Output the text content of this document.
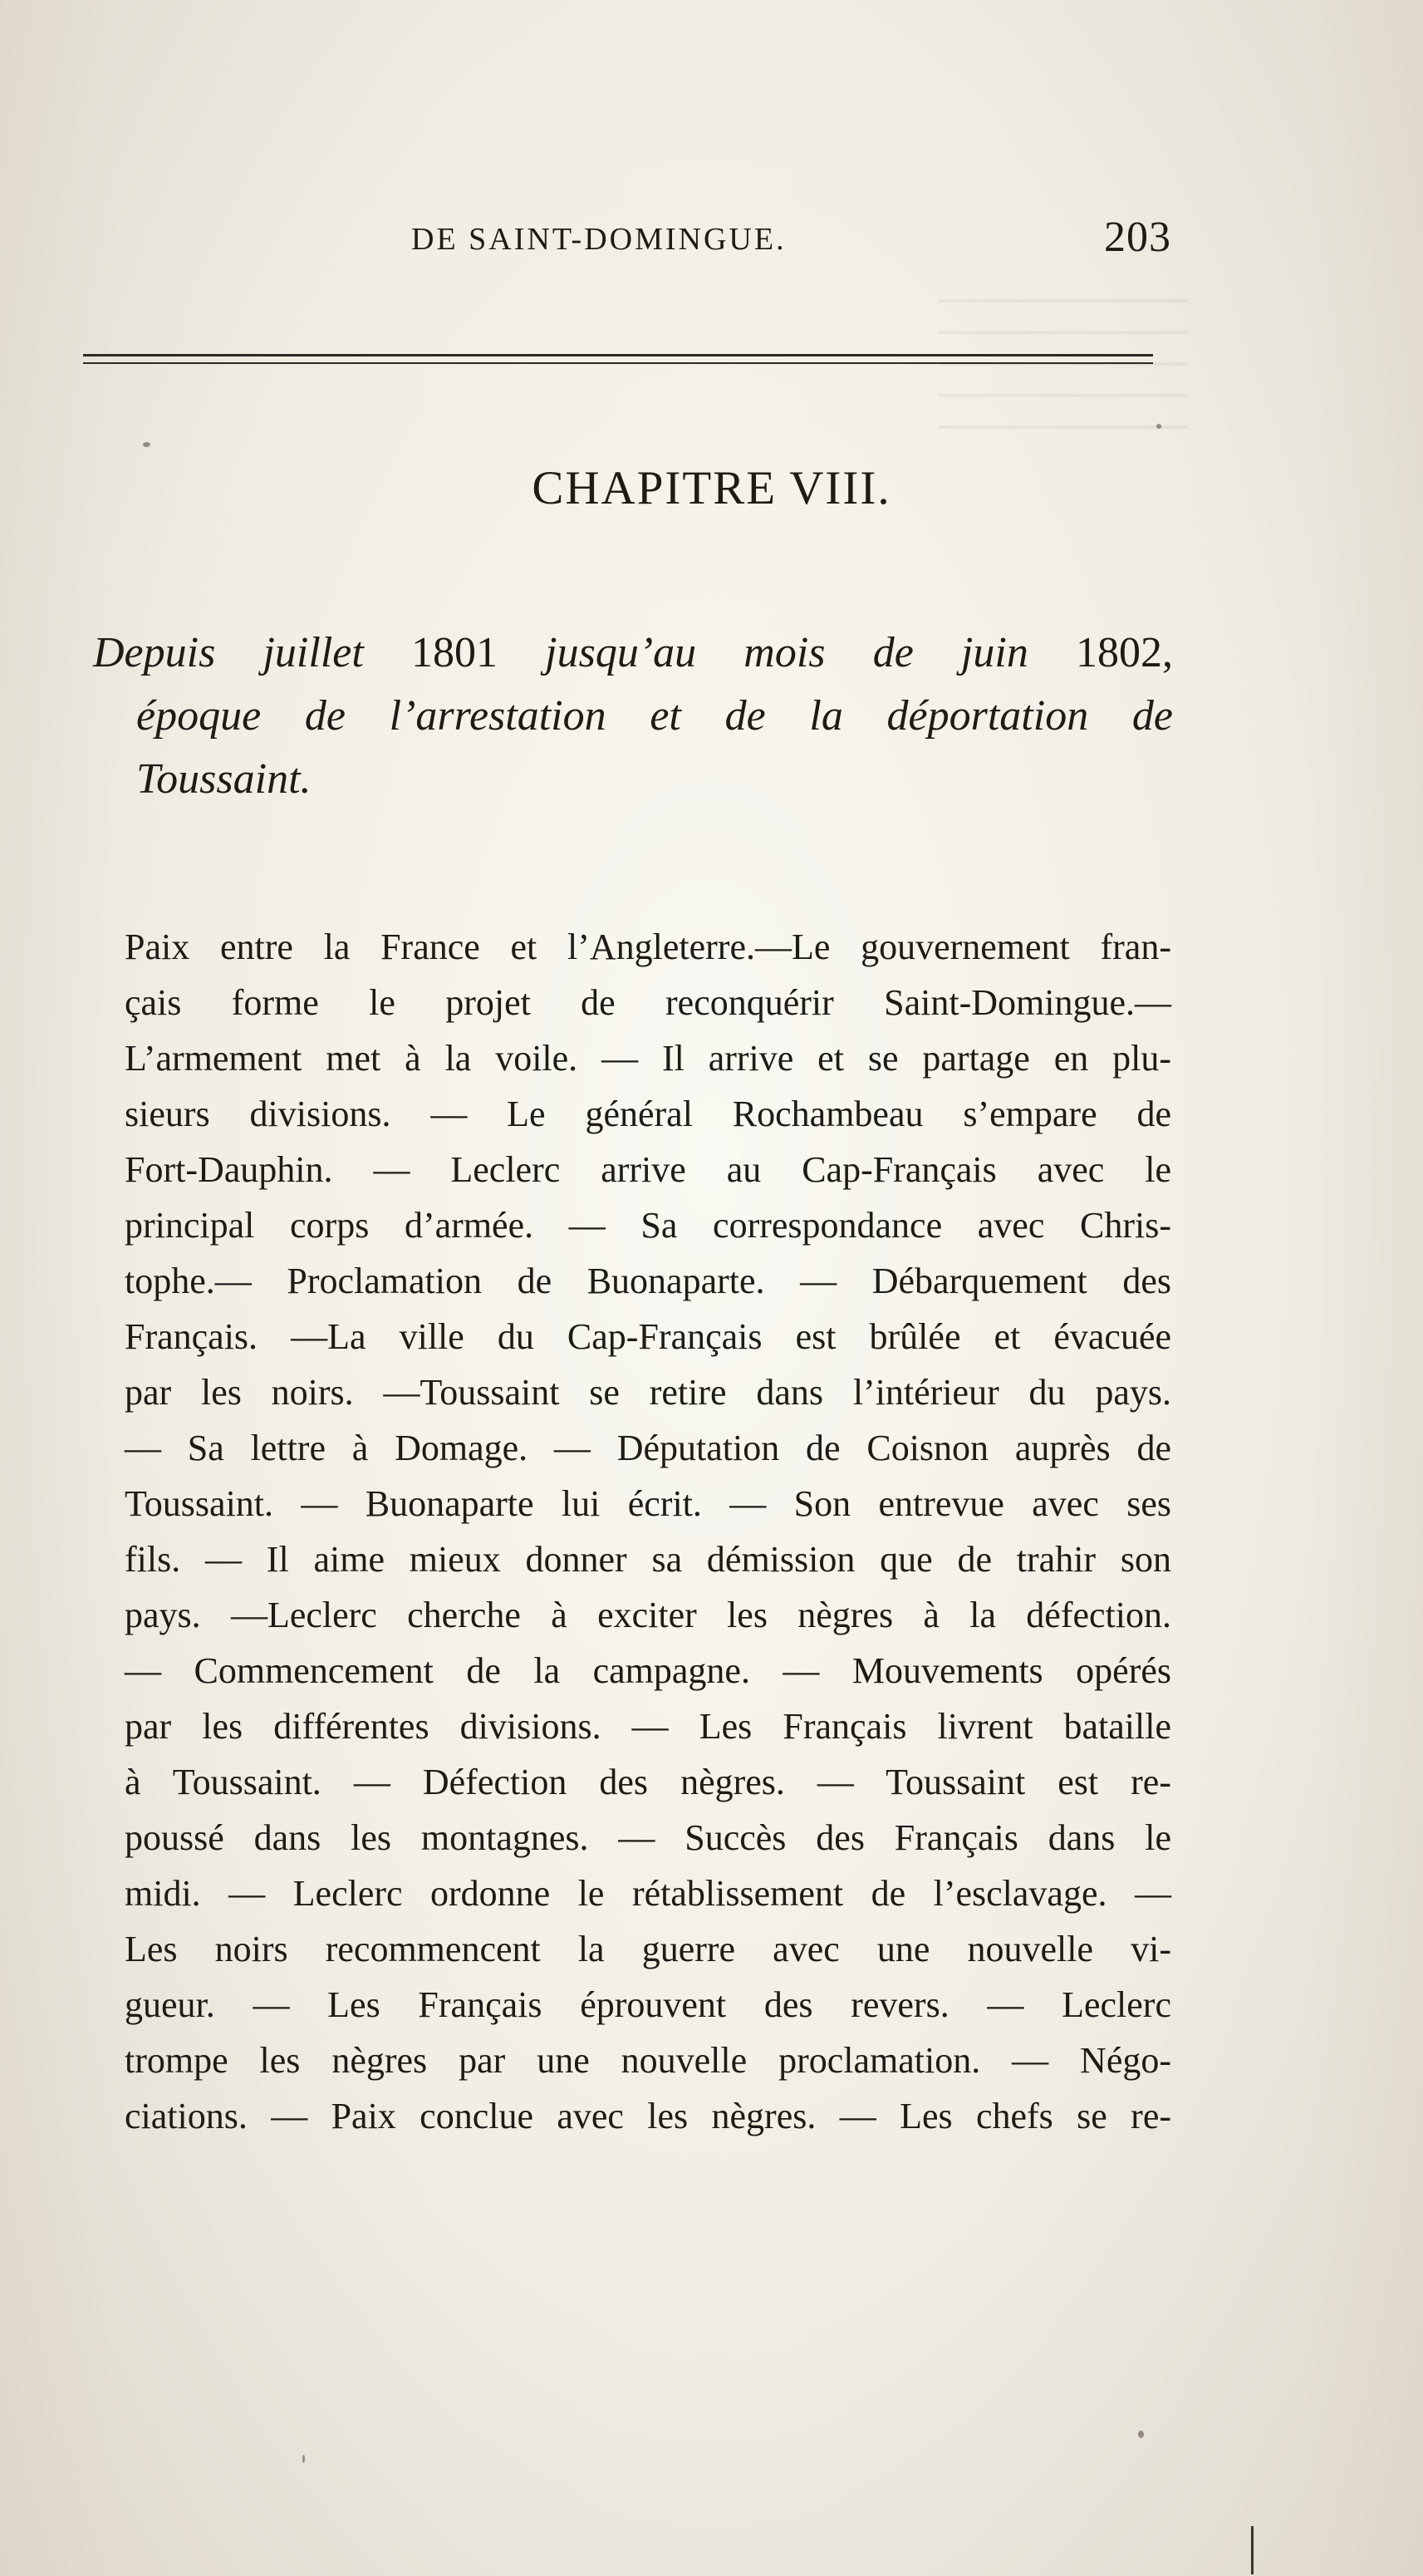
DE SAINT-DOMINGUE.	203
CHAPITRE VIII.
Depuis juillet 1801 jusqu’au mois de juin 1802,
époque de l’arrestation et de la déportation de
Toussaint.
Paix entre la France et l’Angleterre.—Le gouvernement fran-
çais forme le projet de reconquérir Saint-Domingue.—
L’armement met à la voile. — Il arrive et se partage en plu-
sieurs divisions. — Le général Rochambeau s’empare de
Fort-Dauphin. — Leclerc arrive au Cap-Français avec le
principal corps d’armée. — Sa correspondance avec Chris-
tophe.— Proclamation de Buonaparte. — Débarquement des
Français. —La ville du Cap-Français est brûlée et évacuée
par les noirs. —Toussaint se retire dans l’intérieur du pays.
— Sa lettre à Domage. — Députation de Coisnon auprès de
Toussaint. — Buonaparte lui écrit. — Son entrevue avec ses
fils. — Il aime mieux donner sa démission que de trahir son
pays. —Leclerc cherche à exciter les nègres à la défection.
— Commencement de la campagne. — Mouvements opérés
par les différentes divisions. — Les Français livrent bataille
à Toussaint. — Défection des nègres. — Toussaint est re-
poussé dans les montagnes. — Succès des Français dans le
midi. — Leclerc ordonne le rétablissement de l’esclavage. —
Les noirs recommencent la guerre avec une nouvelle vi-
gueur. — Les Français éprouvent des revers. — Leclerc
trompe les nègres par une nouvelle proclamation. — Négo-
ciations. — Paix conclue avec les nègres. — Les chefs se re-
